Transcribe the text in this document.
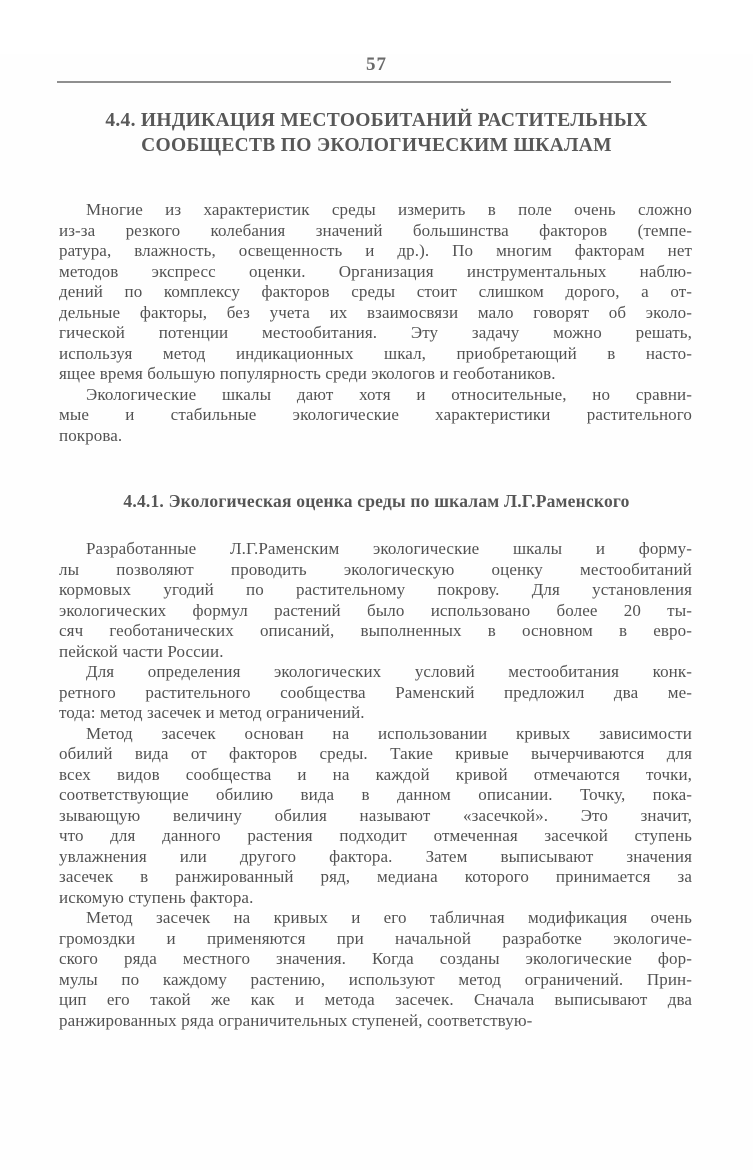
57
4.4. ИНДИКАЦИЯ МЕСТООБИТАНИЙ РАСТИТЕЛЬНЫХ
СООБЩЕСТВ ПО ЭКОЛОГИЧЕСКИМ ШКАЛАМ
Многие из характеристик среды измерить в поле очень сложно
из-за резкого колебания значений большинства факторов (темпе-
ратура, влажность, освещенность и др.). По многим факторам нет
методов экспресс оценки. Организация инструментальных наблю-
дений по комплексу факторов среды стоит слишком дорого, а от-
дельные факторы, без учета их взаимосвязи мало говорят об эколо-
гической потенции местообитания. Эту задачу можно решать,
используя метод индикационных шкал, приобретающий в насто-
ящее время большую популярность среди экологов и геоботаников.
Экологические шкалы дают хотя и относительные, но сравни-
мые и стабильные экологические характеристики растительного
покрова.
4.4.1. Экологическая оценка среды по шкалам Л.Г.Раменского
Разработанные Л.Г.Раменским экологические шкалы и форму-
лы позволяют проводить экологическую оценку местообитаний
кормовых угодий по растительному покрову. Для установления
экологических формул растений было использовано более 20 ты-
сяч геоботанических описаний, выполненных в основном в евро-
пейской части России.
Для определения экологических условий местообитания конк-
ретного растительного сообщества Раменский предложил два ме-
тода: метод засечек и метод ограничений.
Метод засечек основан на использовании кривых зависимости
обилий вида от факторов среды. Такие кривые вычерчиваются для
всех видов сообщества и на каждой кривой отмечаются точки,
соответствующие обилию вида в данном описании. Точку, пока-
зывающую величину обилия называют «засечкой». Это значит,
что для данного растения подходит отмеченная засечкой ступень
увлажнения или другого фактора. Затем выписывают значения
засечек в ранжированный ряд, медиана которого принимается за
искомую ступень фактора.
Метод засечек на кривых и его табличная модификация очень
громоздки и применяются при начальной разработке экологиче-
ского ряда местного значения. Когда созданы экологические фор-
мулы по каждому растению, используют метод ограничений. Прин-
цип его такой же как и метода засечек. Сначала выписывают два
ранжированных ряда ограничительных ступеней, соответствую-
